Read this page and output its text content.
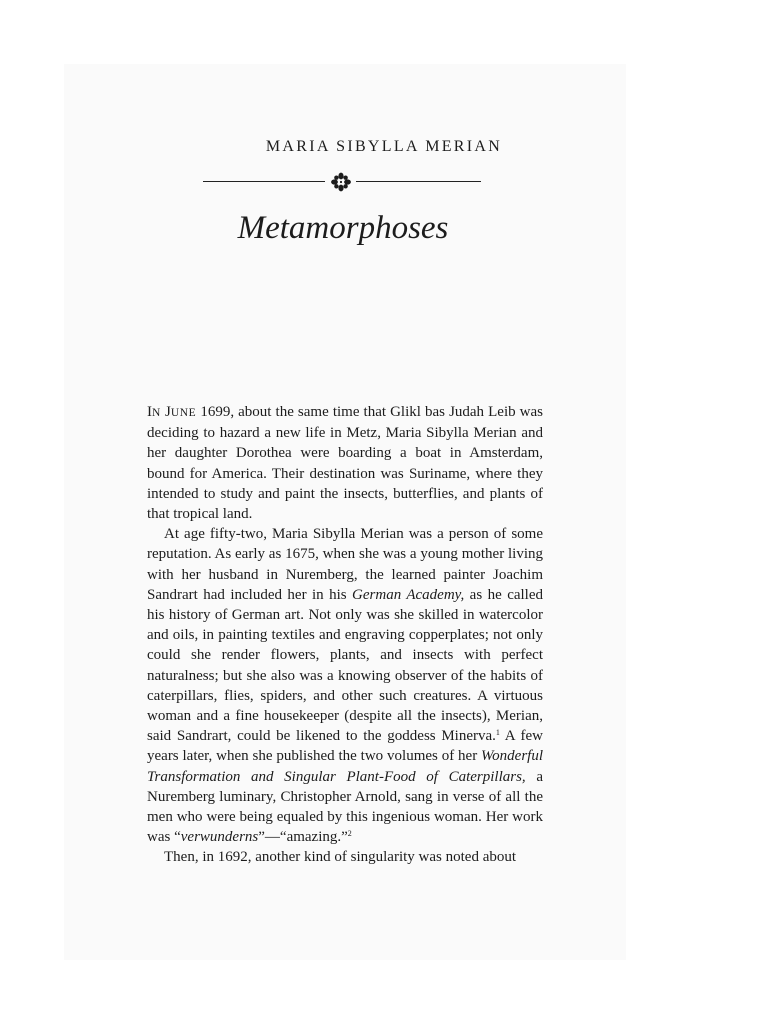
MARIA SIBYLLA MERIAN
Metamorphoses

IN JUNE 1699, about the same time that Glikl bas Judah Leib was deciding to hazard a new life in Metz, Maria Sibylla Merian and her daughter Dorothea were boarding a boat in Amsterdam, bound for America. Their destination was Suriname, where they intended to study and paint the insects, butterflies, and plants of that tropical land.

At age fifty-two, Maria Sibylla Merian was a person of some reputation. As early as 1675, when she was a young mother living with her husband in Nuremberg, the learned painter Joachim Sandrart had included her in his German Academy, as he called his history of German art. Not only was she skilled in watercolor and oils, in painting textiles and engraving copperplates; not only could she render flowers, plants, and insects with perfect naturalness; but she also was a knowing observer of the habits of caterpillars, flies, spiders, and other such creatures. A virtuous woman and a fine housekeeper (despite all the insects), Merian, said Sandrart, could be likened to the goddess Minerva.$^1$ A few years later, when she published the two volumes of her Wonderful Transformation and Singular Plant-Food of Caterpillars, a Nuremberg luminary, Christopher Arnold, sang in verse of all the men who were being equaled by this ingenious woman. Her work was “verwunderns”—“amazing.”$^2$

Then, in 1692, another kind of singularity was noted about
